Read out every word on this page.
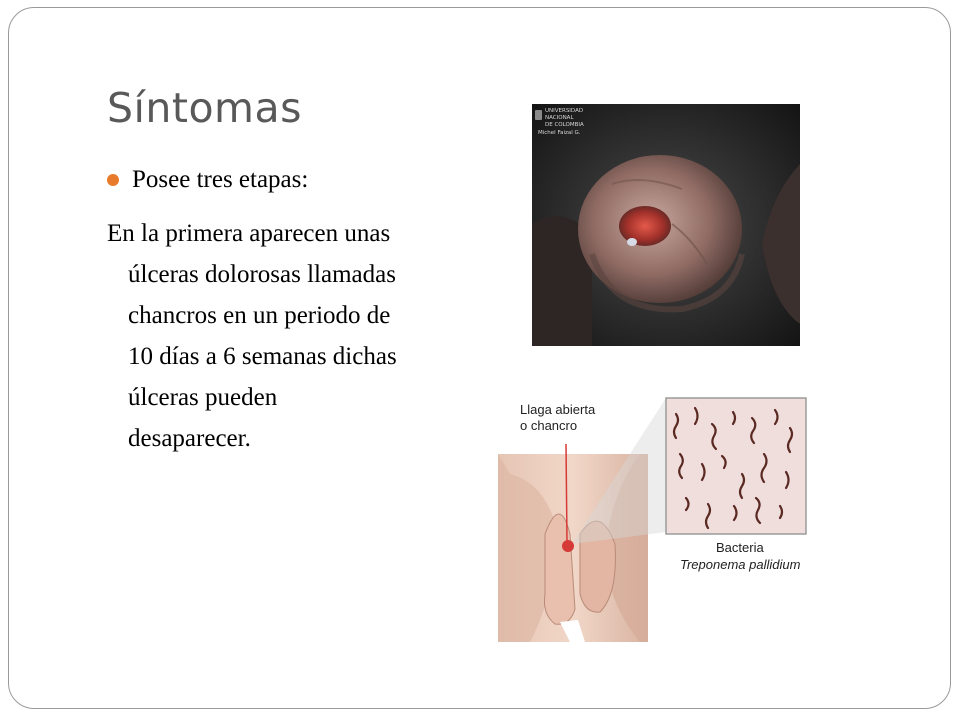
Síntomas
Posee tres etapas:
En la primera aparecen unas
úlceras dolorosas llamadas
chancros en un periodo de
10 días a 6 semanas dichas
úlceras pueden
desaparecer.
UNIVERSIDAD
NACIONAL
DE COLOMBIA
Michel Faizal G.
Llaga abierta
o chancro
Bacteria
Treponema pallidium
